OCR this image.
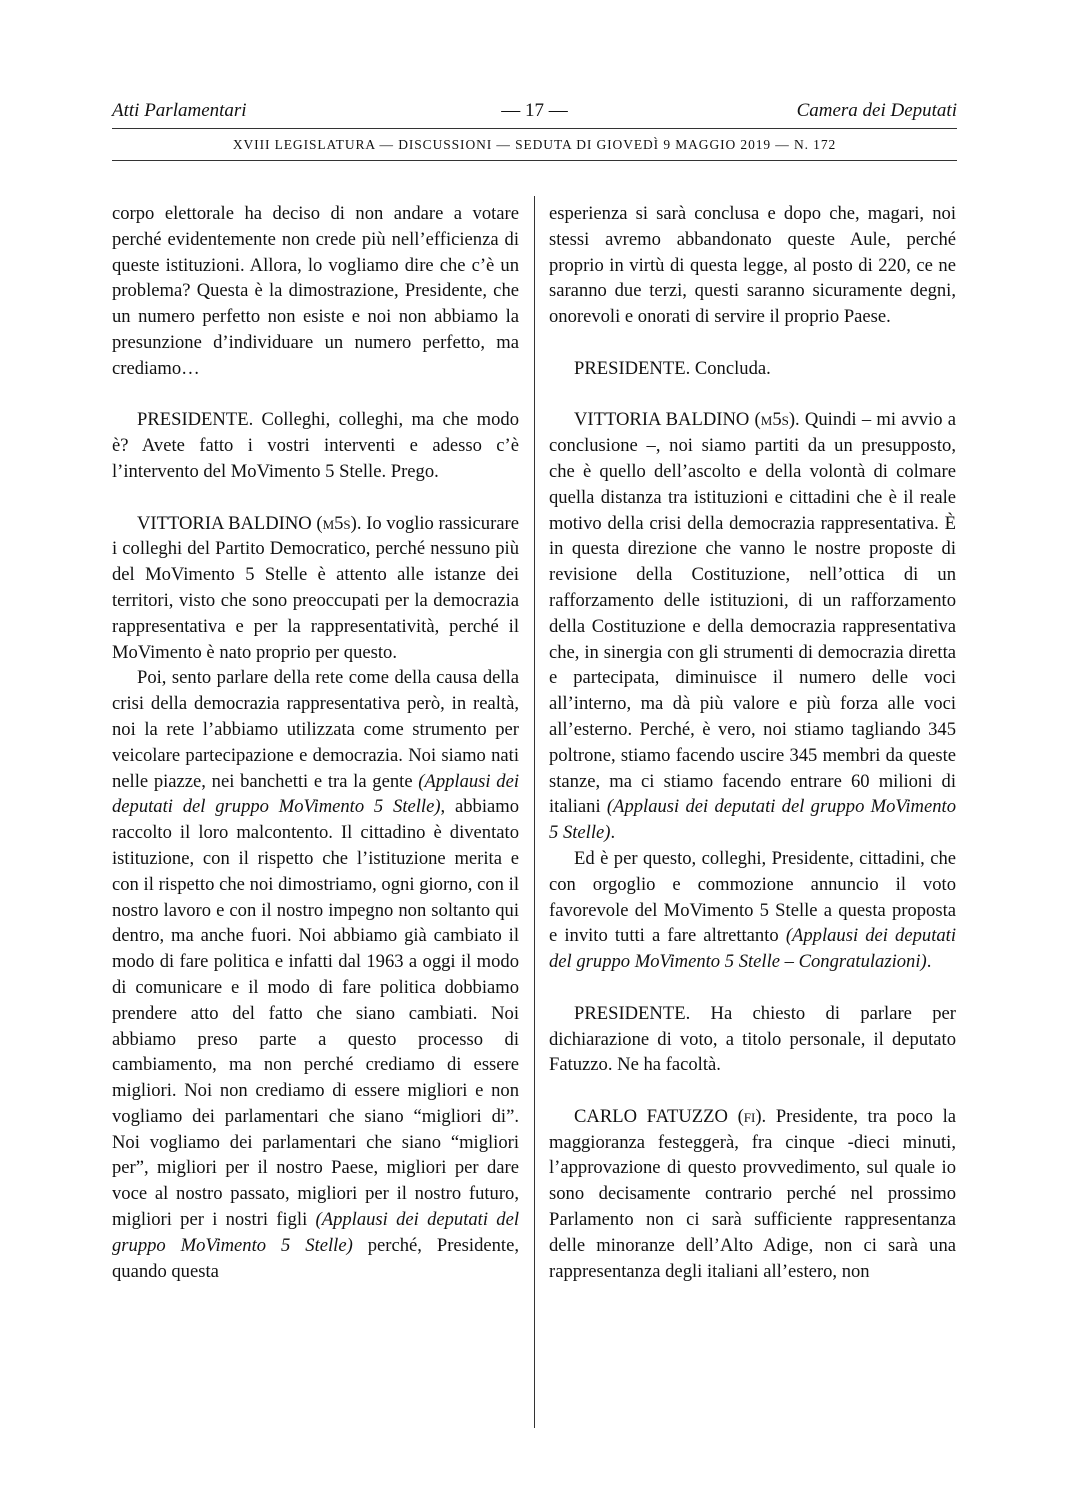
Atti Parlamentari	— 17 —	Camera dei Deputati
XVIII LEGISLATURA — DISCUSSIONI — SEDUTA DI GIOVEDÌ 9 MAGGIO 2019 — N. 172

corpo elettorale ha deciso di non andare a votare perché evidentemente non crede più nell’efficienza di queste istituzioni. Allora, lo vogliamo dire che c’è un problema? Questa è la dimostrazione, Presidente, che un numero perfetto non esiste e noi non abbiamo la presunzione d’individuare un numero perfetto, ma crediamo…

PRESIDENTE. Colleghi, colleghi, ma che modo è? Avete fatto i vostri interventi e adesso c’è l’intervento del MoVimento 5 Stelle. Prego.

VITTORIA BALDINO (m5s). Io voglio rassicurare i colleghi del Partito Democratico, perché nessuno più del MoVimento 5 Stelle è attento alle istanze dei territori, visto che sono preoccupati per la democrazia rappresentativa e per la rappresentatività, perché il MoVimento è nato proprio per questo.

Poi, sento parlare della rete come della causa della crisi della democrazia rappresentativa però, in realtà, noi la rete l’abbiamo utilizzata come strumento per veicolare partecipazione e democrazia. Noi siamo nati nelle piazze, nei banchetti e tra la gente (Applausi dei deputati del gruppo MoVimento 5 Stelle), abbiamo raccolto il loro malcontento. Il cittadino è diventato istituzione, con il rispetto che l’istituzione merita e con il rispetto che noi dimostriamo, ogni giorno, con il nostro lavoro e con il nostro impegno non soltanto qui dentro, ma anche fuori. Noi abbiamo già cambiato il modo di fare politica e infatti dal 1963 a oggi il modo di comunicare e il modo di fare politica dobbiamo prendere atto del fatto che siano cambiati. Noi abbiamo preso parte a questo processo di cambiamento, ma non perché crediamo di essere migliori. Noi non crediamo di essere migliori e non vogliamo dei parlamentari che siano “migliori di”. Noi vogliamo dei parlamentari che siano “migliori per”, migliori per il nostro Paese, migliori per dare voce al nostro passato, migliori per il nostro futuro, migliori per i nostri figli (Applausi dei deputati del gruppo MoVimento 5 Stelle) perché, Presidente, quando questa

esperienza si sarà conclusa e dopo che, magari, noi stessi avremo abbandonato queste Aule, perché proprio in virtù di questa legge, al posto di 220, ce ne saranno due terzi, questi saranno sicuramente degni, onorevoli e onorati di servire il proprio Paese.

PRESIDENTE. Concluda.

VITTORIA BALDINO (m5s). Quindi – mi avvio a conclusione –, noi siamo partiti da un presupposto, che è quello dell’ascolto e della volontà di colmare quella distanza tra istituzioni e cittadini che è il reale motivo della crisi della democrazia rappresentativa. È in questa direzione che vanno le nostre proposte di revisione della Costituzione, nell’ottica di un rafforzamento delle istituzioni, di un rafforzamento della Costituzione e della democrazia rappresentativa che, in sinergia con gli strumenti di democrazia diretta e partecipata, diminuisce il numero delle voci all’interno, ma dà più valore e più forza alle voci all’esterno. Perché, è vero, noi stiamo tagliando 345 poltrone, stiamo facendo uscire 345 membri da queste stanze, ma ci stiamo facendo entrare 60 milioni di italiani (Applausi dei deputati del gruppo MoVimento 5 Stelle).

Ed è per questo, colleghi, Presidente, cittadini, che con orgoglio e commozione annuncio il voto favorevole del MoVimento 5 Stelle a questa proposta e invito tutti a fare altrettanto (Applausi dei deputati del gruppo MoVimento 5 Stelle – Congratulazioni).

PRESIDENTE. Ha chiesto di parlare per dichiarazione di voto, a titolo personale, il deputato Fatuzzo. Ne ha facoltà.

CARLO FATUZZO (fi). Presidente, tra poco la maggioranza festeggerà, fra cinque -dieci minuti, l’approvazione di questo provvedimento, sul quale io sono decisamente contrario perché nel prossimo Parlamento non ci sarà sufficiente rappresentanza delle minoranze dell’Alto Adige, non ci sarà una rappresentanza degli italiani all’estero, non
